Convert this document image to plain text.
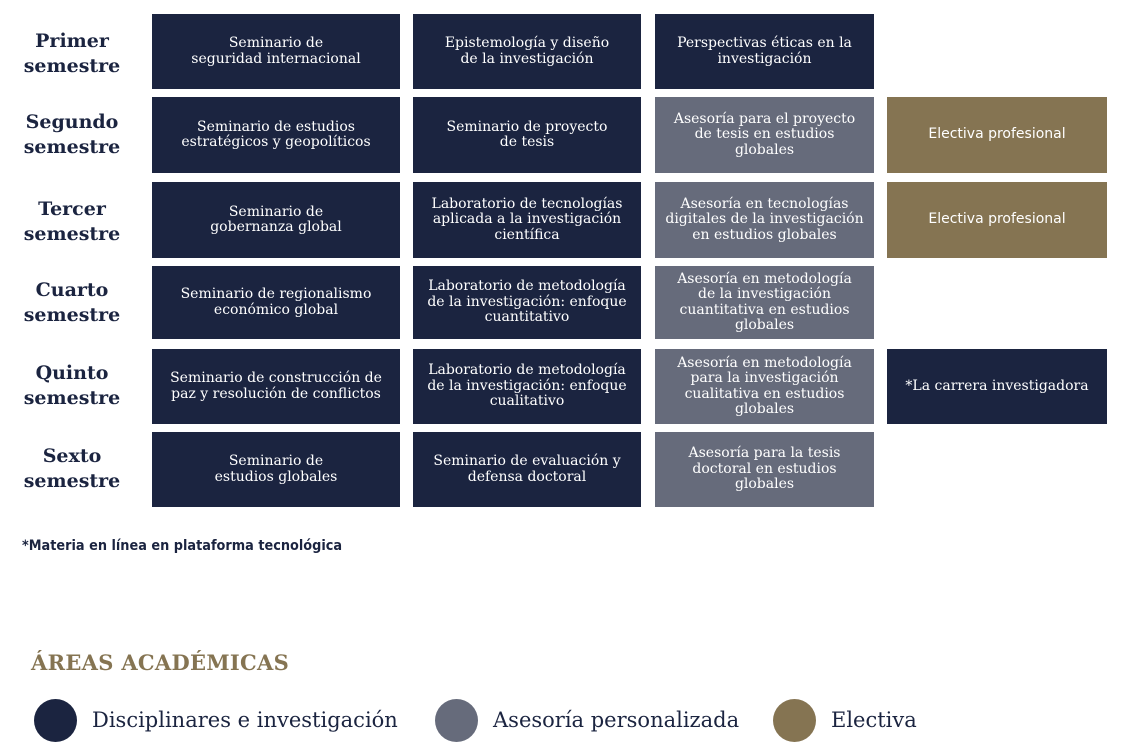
Primer
semestre
Segundo
semestre
Tercer
semestre
Cuarto
semestre
Quinto
semestre
Sexto
semestre
Seminario de
seguridad internacional
Epistemología y diseño
de la investigación
Perspectivas éticas en la
investigación
Seminario de estudios
estratégicos y geopolíticos
Seminario de proyecto
de tesis
Asesoría para el proyecto
de tesis en estudios
globales
Electiva profesional
Seminario de
gobernanza global
Laboratorio de tecnologías
aplicada a la investigación
científica
Asesoría en tecnologías
digitales de la investigación
en estudios globales
Electiva profesional
Seminario de regionalismo
económico global
Laboratorio de metodología
de la investigación: enfoque
cuantitativo
Asesoría en metodología
de la investigación
cuantitativa en estudios
globales
Seminario de construcción de
paz y resolución de conflictos
Laboratorio de metodología
de la investigación: enfoque
cualitativo
Asesoría en metodología
para la investigación
cualitativa en estudios
globales
*La carrera investigadora
Seminario de
estudios globales
Seminario de evaluación y
defensa doctoral
Asesoría para la tesis
doctoral en estudios globales
*Materia en línea en plataforma tecnológica
ÁREAS ACADÉMICAS
Disciplinares e investigación	Asesoría personalizada	Electiva
